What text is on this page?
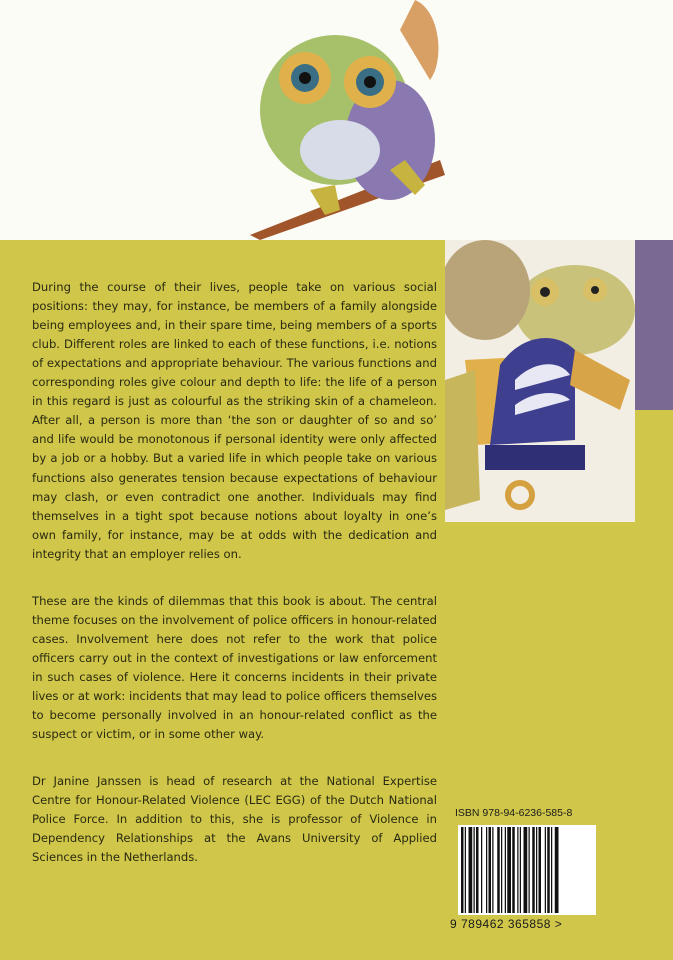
During the course of their lives, people take on various social positions: they may, for instance, be members of a family alongside being employees and, in their spare time, being members of a sports club. Different roles are linked to each of these functions, i.e. notions of expectations and appropriate behaviour. The various functions and corresponding roles give colour and depth to life: the life of a person in this regard is just as colourful as the striking skin of a chameleon. After all, a person is more than ‘the son or daughter of so and so’ and life would be monotonous if personal identity were only affected by a job or a hobby. But a varied life in which people take on various functions also generates tension because expectations of behaviour may clash, or even contradict one another. Individuals may find themselves in a tight spot because notions about loyalty in one’s own family, for instance, may be at odds with the dedication and integrity that an employer relies on.

These are the kinds of dilemmas that this book is about. The central theme focuses on the involvement of police officers in honour-related cases. Involvement here does not refer to the work that police officers carry out in the context of investigations or law enforcement in such cases of violence. Here it concerns incidents in their private lives or at work: incidents that may lead to police officers themselves to become personally involved in an honour-related conflict as the suspect or victim, or in some other way.

Dr Janine Janssen is head of research at the National Expertise Centre for Honour-Related Violence (LEC EGG) of the Dutch National Police Force. In addition to this, she is professor of Violence in Dependency Relationships at the Avans University of Applied Sciences in the Netherlands.

ISBN 978-94-6236-585-8
9 789462 365858 >
